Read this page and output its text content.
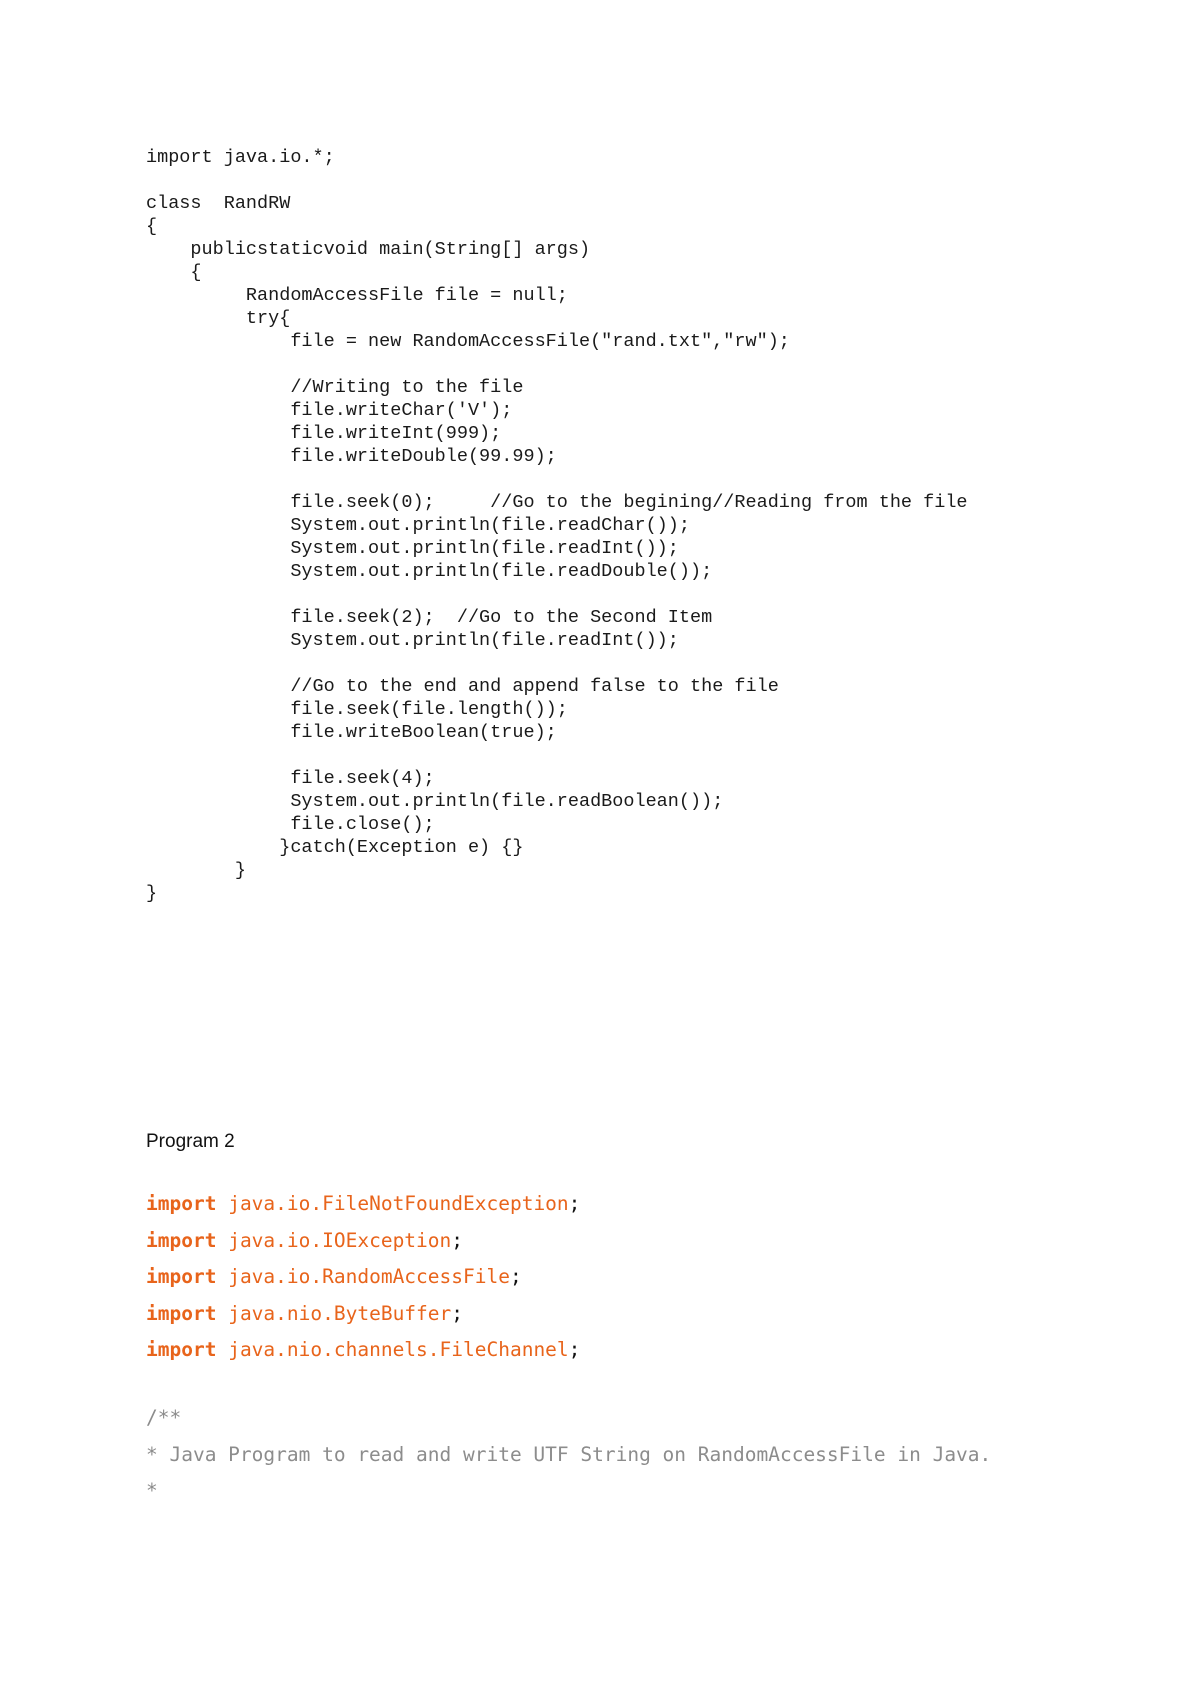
import java.io.*;
class  RandRW
{
publicstaticvoid main(String[] args)
{
RandomAccessFile file = null;
try{
file = new RandomAccessFile("rand.txt","rw");
//Writing to the file
file.writeChar('V');
file.writeInt(999);
file.writeDouble(99.99);
file.seek(0);     //Go to the begining//Reading from the file
System.out.println(file.readChar());
System.out.println(file.readInt());
System.out.println(file.readDouble());
file.seek(2);  //Go to the Second Item
System.out.println(file.readInt());
//Go to the end and append false to the file
file.seek(file.length());
file.writeBoolean(true);
file.seek(4);
System.out.println(file.readBoolean());
file.close();
}catch(Exception e) {}
}
}
Program 2
import java.io.FileNotFoundException;
import java.io.IOException;
import java.io.RandomAccessFile;
import java.nio.ByteBuffer;
import java.nio.channels.FileChannel;
/**
* Java Program to read and write UTF String on RandomAccessFile in Java.
*
